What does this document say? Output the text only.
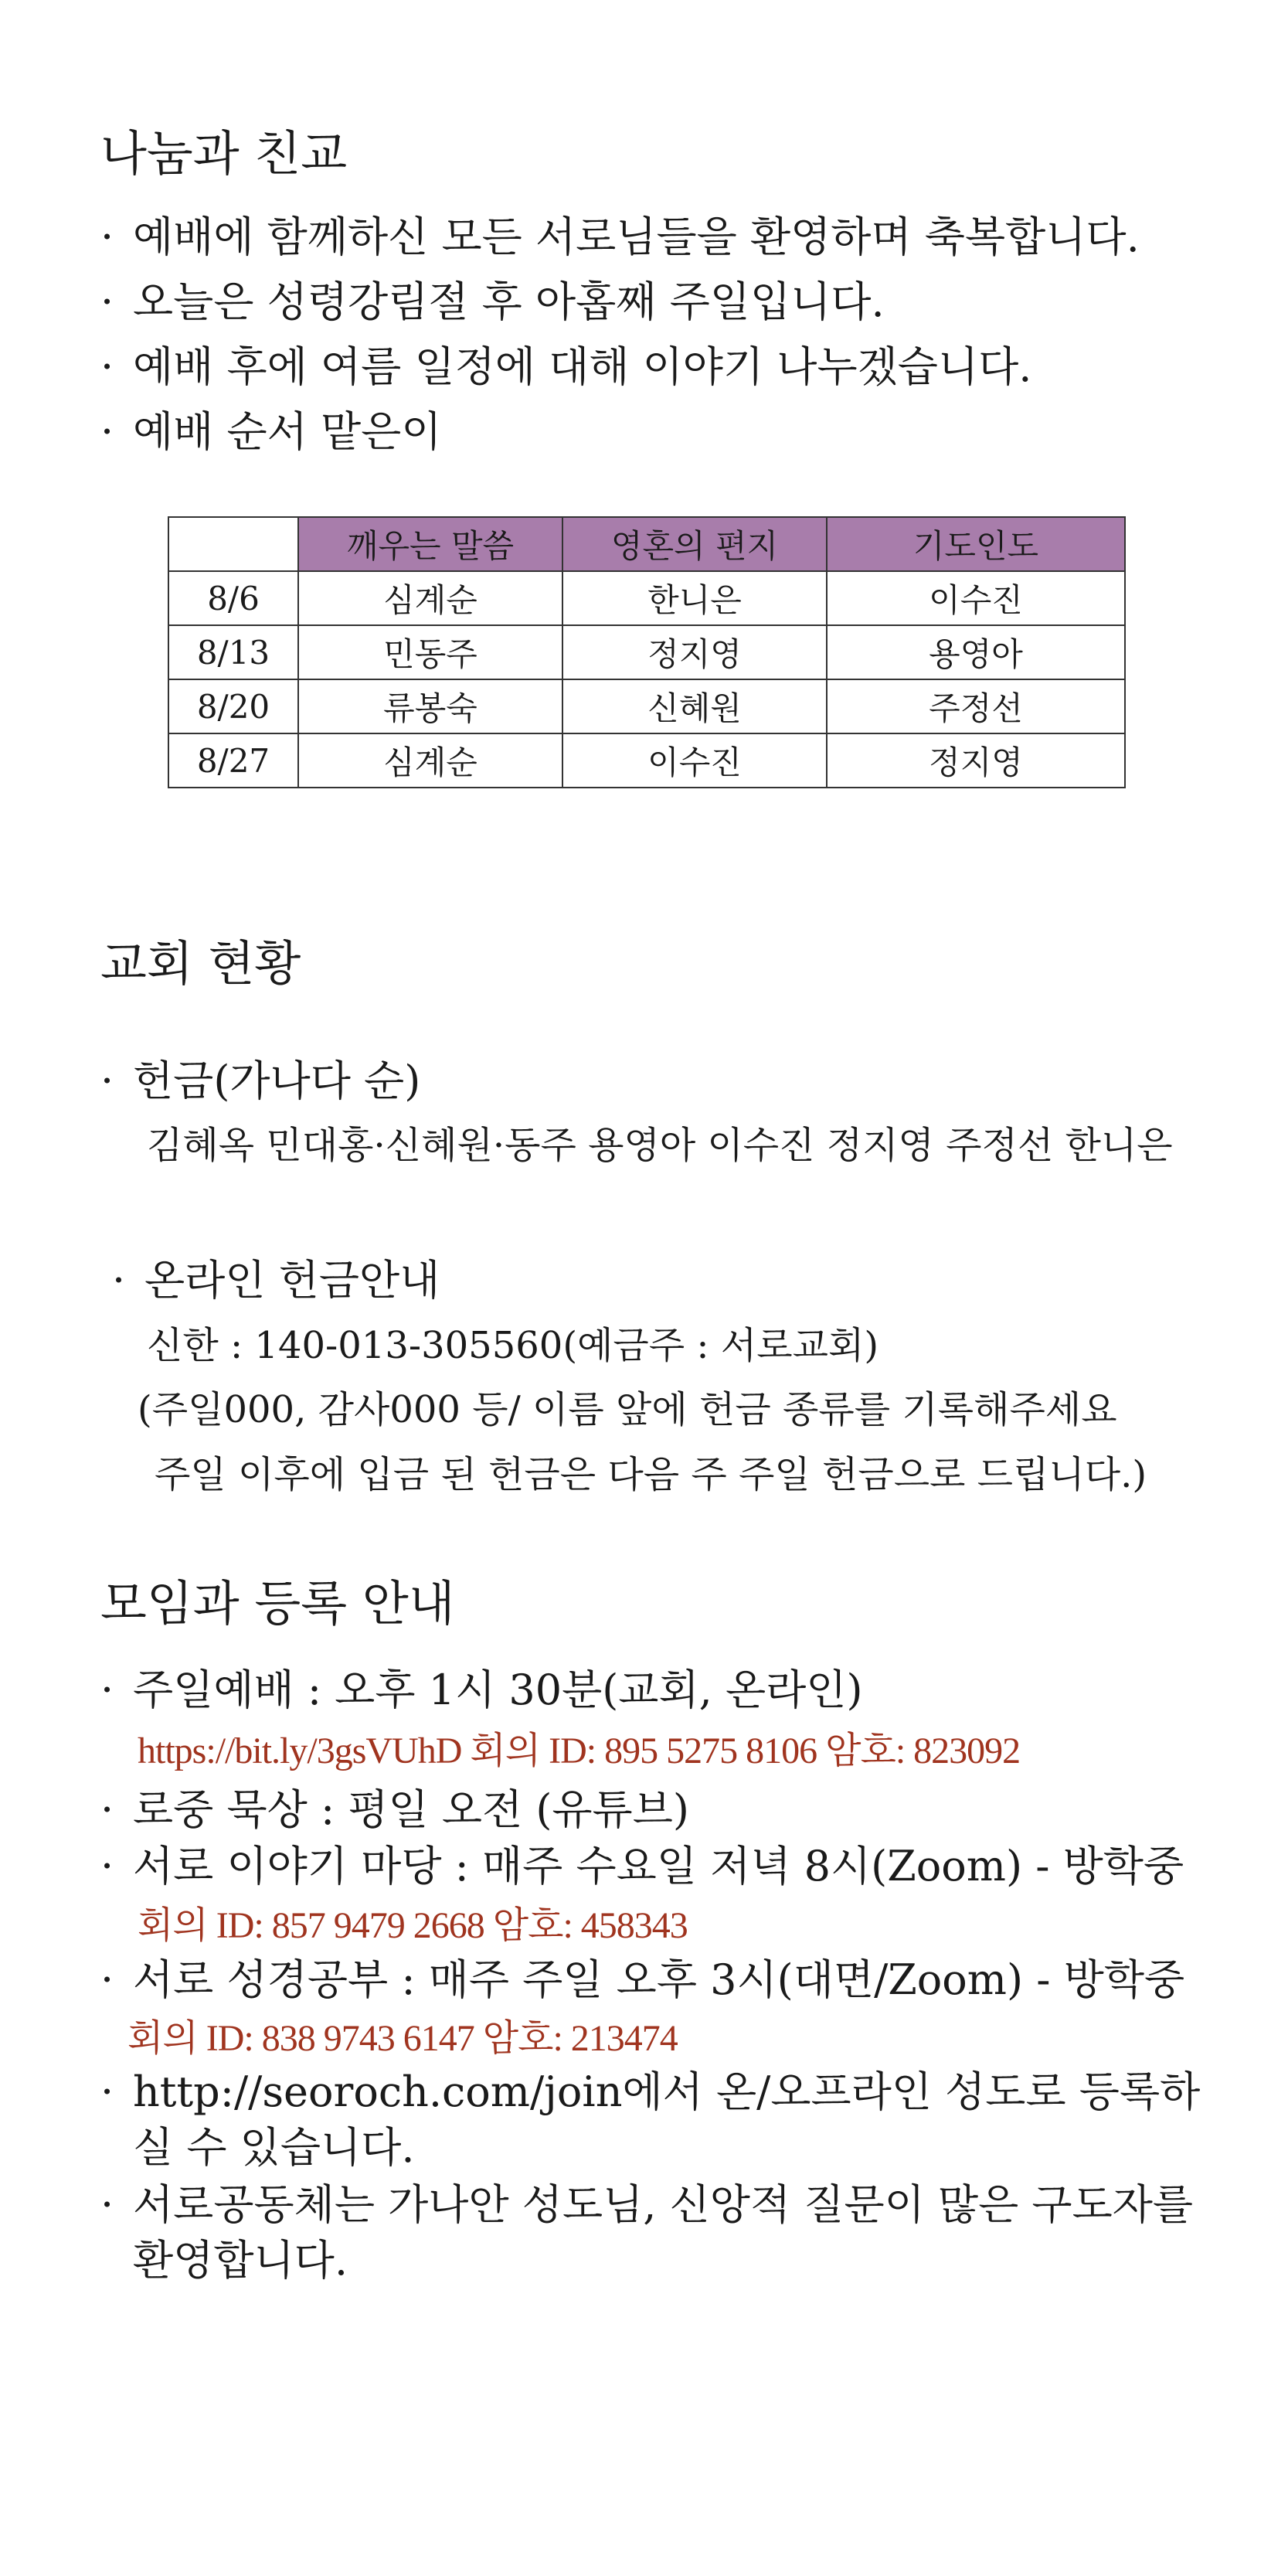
나눔과 친교
· 예배에 함께하신 모든 서로님들을 환영하며 축복합니다.
· 오늘은 성령강림절 후 아홉째 주일입니다.
· 예배 후에 여름 일정에 대해 이야기 나누겠습니다.
· 예배 순서 맡은이
	깨우는 말씀	영혼의 편지	기도인도
8/6	심계순	한니은	이수진
8/13	민동주	정지영	용영아
8/20	류봉숙	신혜원	주정선
8/27	심계순	이수진	정지영
교회 현황
· 헌금(가나다 순)
김혜옥 민대홍·신혜원·동주 용영아 이수진 정지영 주정선 한니은
· 온라인 헌금안내
신한 : 140-013-305560(예금주 : 서로교회)
(주일000, 감사000 등/ 이름 앞에 헌금 종류를 기록해주세요
주일 이후에 입금 된 헌금은 다음 주 주일 헌금으로 드립니다.)
모임과 등록 안내
· 주일예배 : 오후 1시 30분(교회, 온라인)
https://bit.ly/3gsVUhD 회의 ID: 895 5275 8106 암호: 823092
· 로중 묵상 : 평일 오전 (유튜브)
· 서로 이야기 마당 : 매주 수요일 저녁 8시(Zoom) - 방학중
회의 ID: 857 9479 2668 암호: 458343
· 서로 성경공부 : 매주 주일 오후 3시(대면/Zoom) - 방학중
회의 ID: 838 9743 6147 암호: 213474
· http://seoroch.com/join에서 온/오프라인 성도로 등록하
실 수 있습니다.
· 서로공동체는 가나안 성도님, 신앙적 질문이 많은 구도자를
환영합니다.
